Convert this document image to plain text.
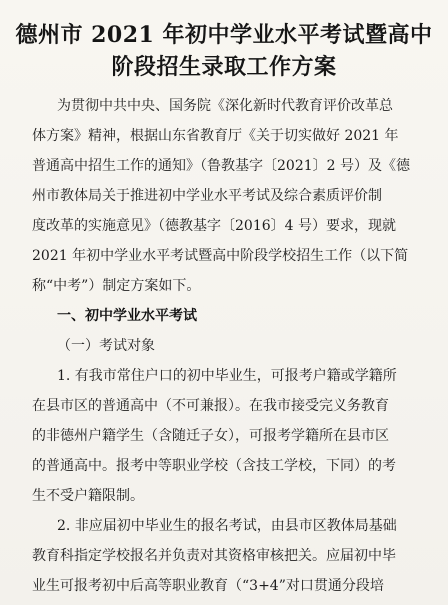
德州市 2021 年初中学业水平考试暨高中
阶段招生录取工作方案
为贯彻中共中央、国务院《深化新时代教育评价改革总
体方案》精神，根据山东省教育厅《关于切实做好 2021 年
普通高中招生工作的通知》（鲁教基字〔2021〕2 号）及《德
州市教体局关于推进初中学业水平考试及综合素质评价制
度改革的实施意见》（德教基字〔2016〕4 号）要求，现就
2021 年初中学业水平考试暨高中阶段学校招生工作（以下简
称“中考”）制定方案如下。
一、初中学业水平考试
（一）考试对象
1. 有我市常住户口的初中毕业生，可报考户籍或学籍所
在县市区的普通高中（不可兼报）。在我市接受完义务教育
的非德州户籍学生（含随迁子女），可报考学籍所在县市区
的普通高中。报考中等职业学校（含技工学校，下同）的考
生不受户籍限制。
2. 非应届初中毕业生的报名考试，由县市区教体局基础
教育科指定学校报名并负责对其资格审核把关。应届初中毕
业生可报考初中后高等职业教育（“3+4”对口贯通分段培
